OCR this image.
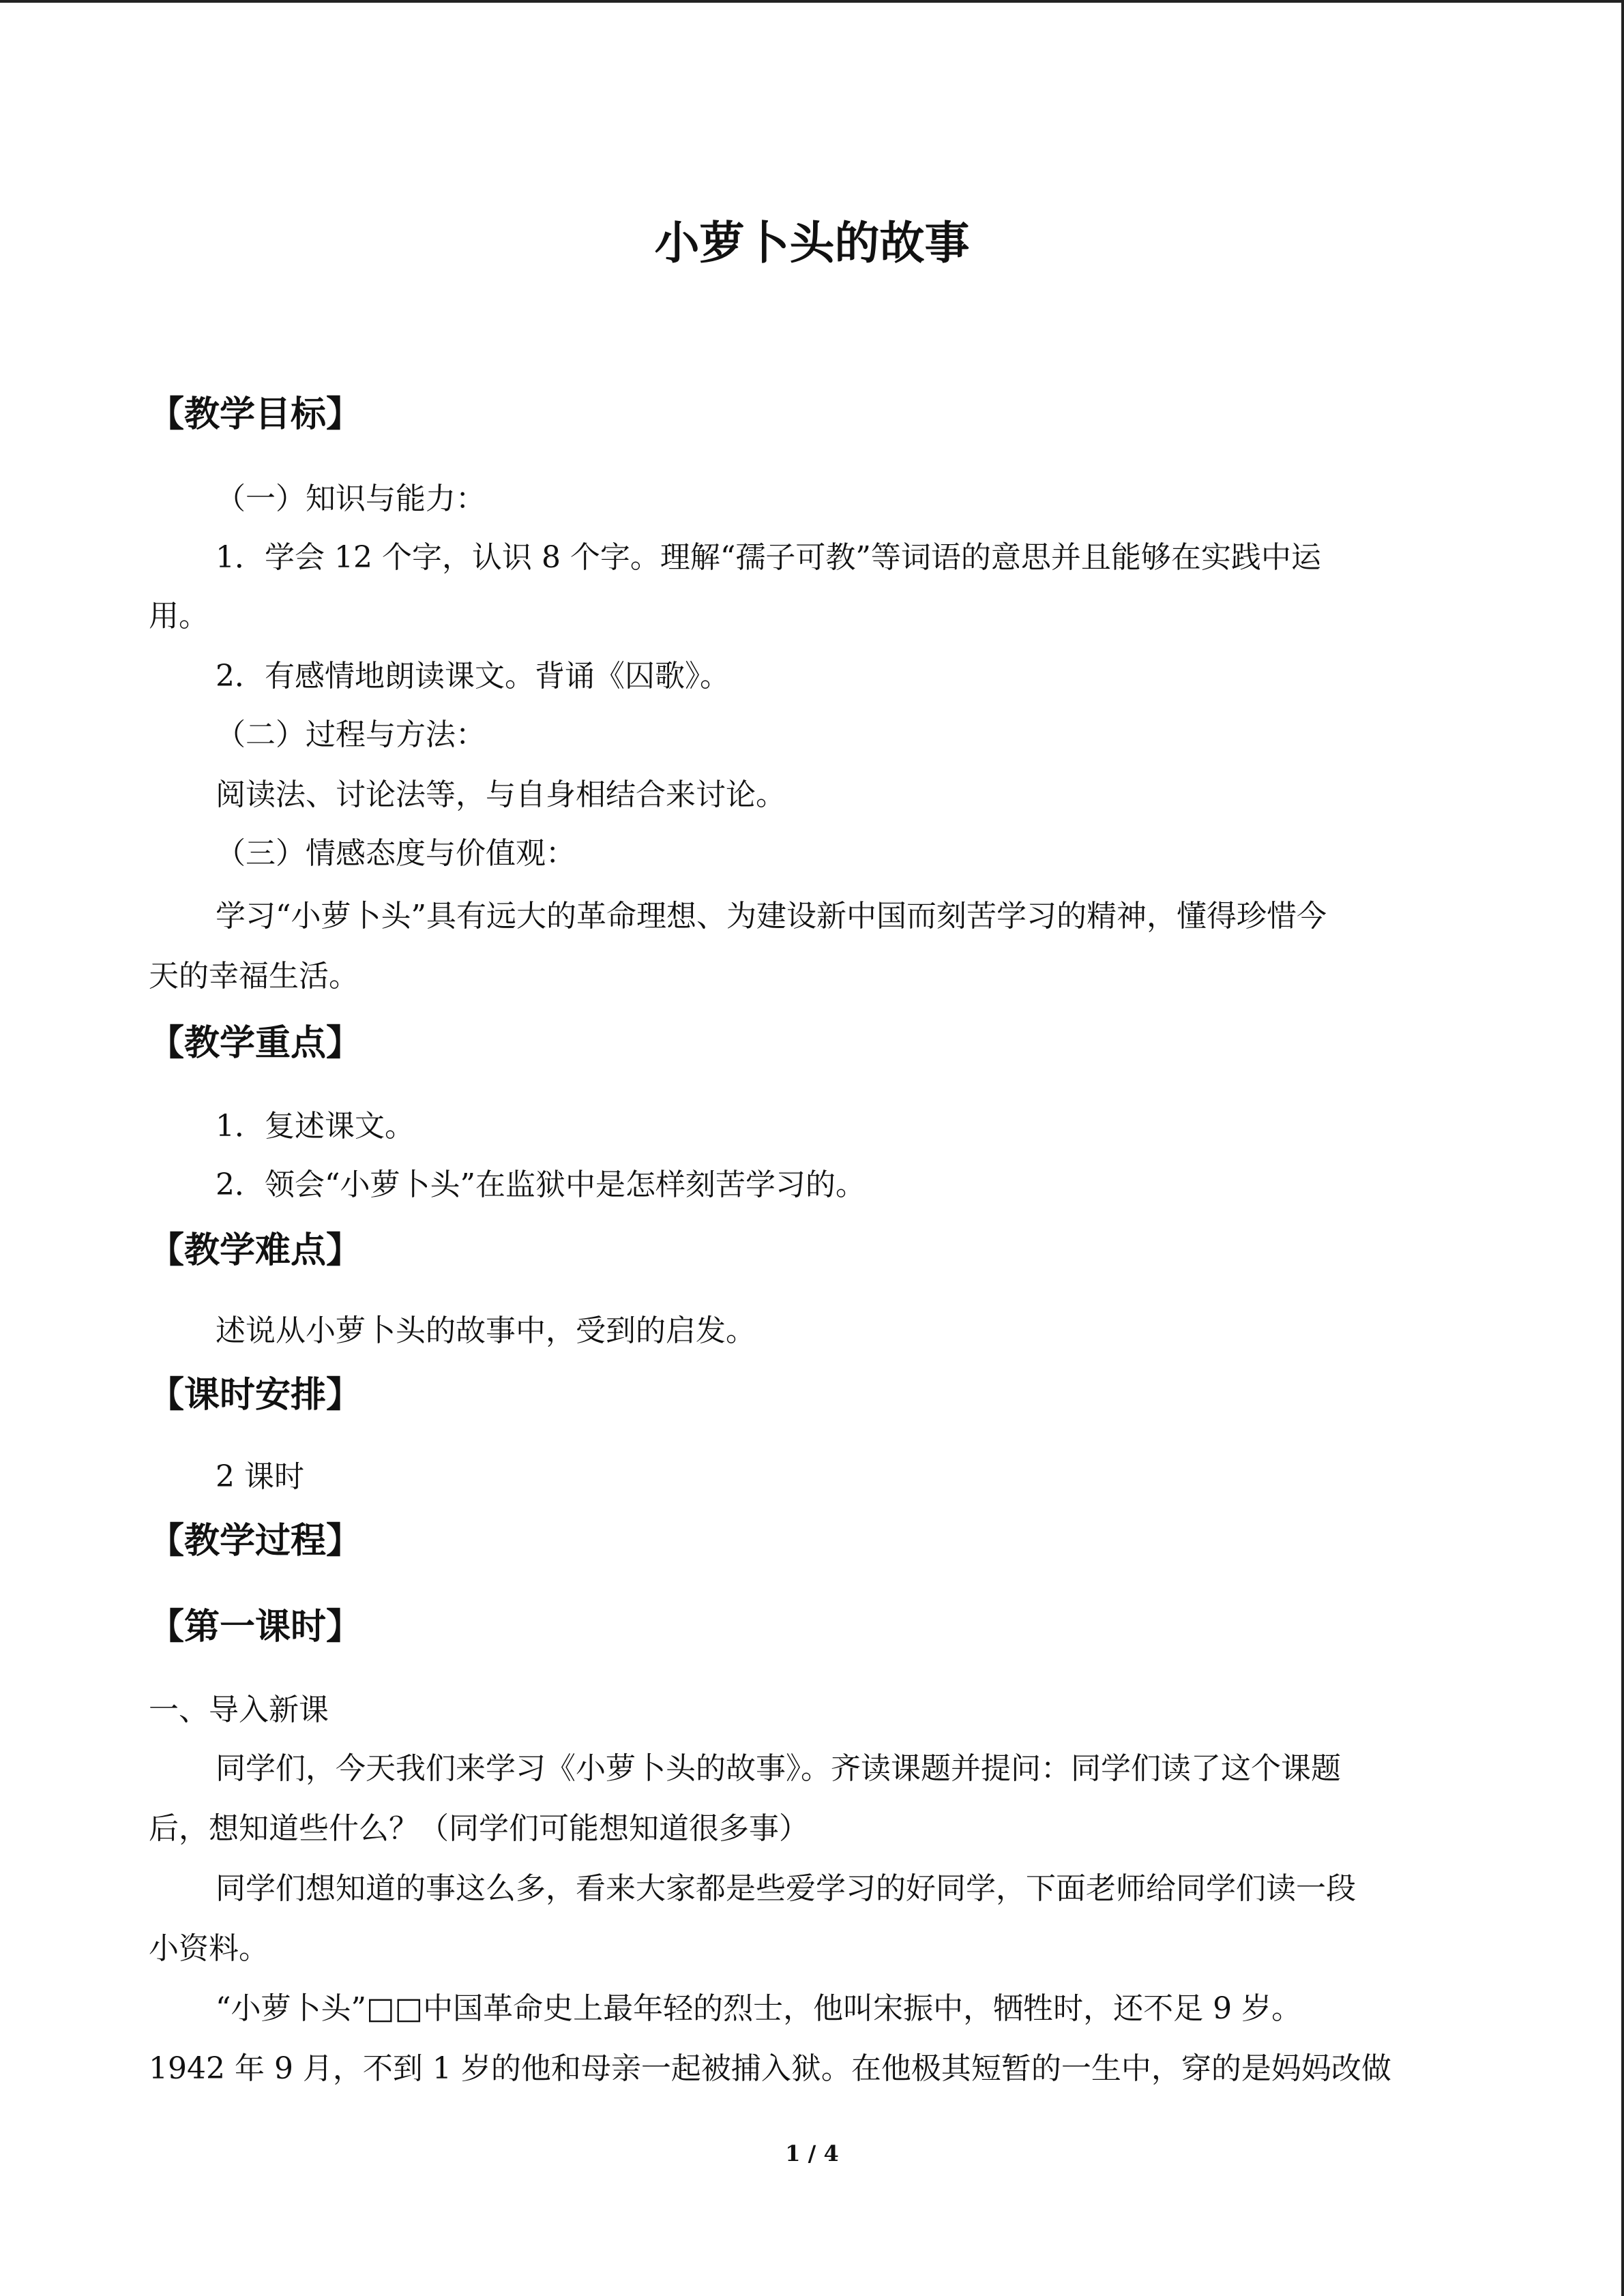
小萝卜头的故事
【教学目标】
（一）知识与能力：
1．学会 12 个字，认识 8 个字。理解“孺子可教”等词语的意思并且能够在实践中运
用。
2．有感情地朗读课文。背诵《囚歌》。
（二）过程与方法：
阅读法、讨论法等，与自身相结合来讨论。
（三）情感态度与价值观：
学习“小萝卜头”具有远大的革命理想、为建设新中国而刻苦学习的精神，懂得珍惜今
天的幸福生活。
【教学重点】
1．复述课文。
2．领会“小萝卜头”在监狱中是怎样刻苦学习的。
【教学难点】
述说从小萝卜头的故事中，受到的启发。
【课时安排】
2 课时
【教学过程】
【第一课时】
一、导入新课
同学们，今天我们来学习《小萝卜头的故事》。齐读课题并提问：同学们读了这个课题
后，想知道些什么？（同学们可能想知道很多事）
同学们想知道的事这么多，看来大家都是些爱学习的好同学，下面老师给同学们读一段
小资料。
“小萝卜头”□□中国革命史上最年轻的烈士，他叫宋振中，牺牲时，还不足 9 岁。
1942 年 9 月，不到 1 岁的他和母亲一起被捕入狱。在他极其短暂的一生中，穿的是妈妈改做
1 / 4
